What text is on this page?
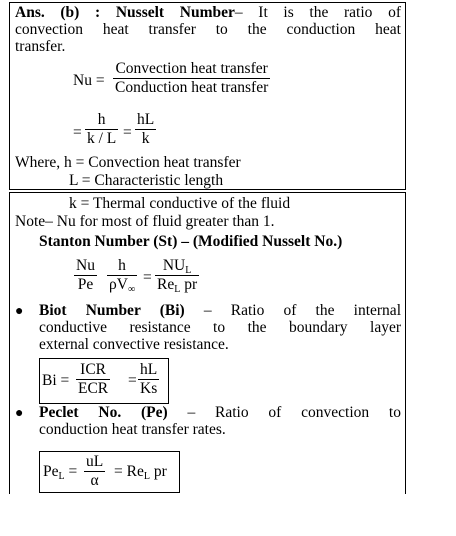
Ans. (b) : Nusselt Number– It is the ratio of
convection heat transfer to the conduction heat
transfer.
Nu =
Convection heat transfer
Conduction heat transfer
= $\frac{h}{k / L} = \frac{hL}{k}$
Where, h = Convection heat transfer
L = Characteristic length
k = Thermal conductive of the fluid
Note– Nu for most of fluid greater than 1.
Stanton Number (St) – (Modified Nusselt No.)
$\frac{Nu}{Pe} \frac{h}{\rho V_\infty}$ =
$NU_L$
$Re_L$ pr
● Biot Number (Bi) – Ratio of the internal
conductive resistance to the boundary layer
external convective resistance.
Bi =
ICR
ECR = $\frac{hL}{Ks}$
● Peclet No. (Pe) – Ratio of convection to
conduction heat transfer rates.
$Pe_L = \frac{uL}{\alpha} = Re_L$ pr
